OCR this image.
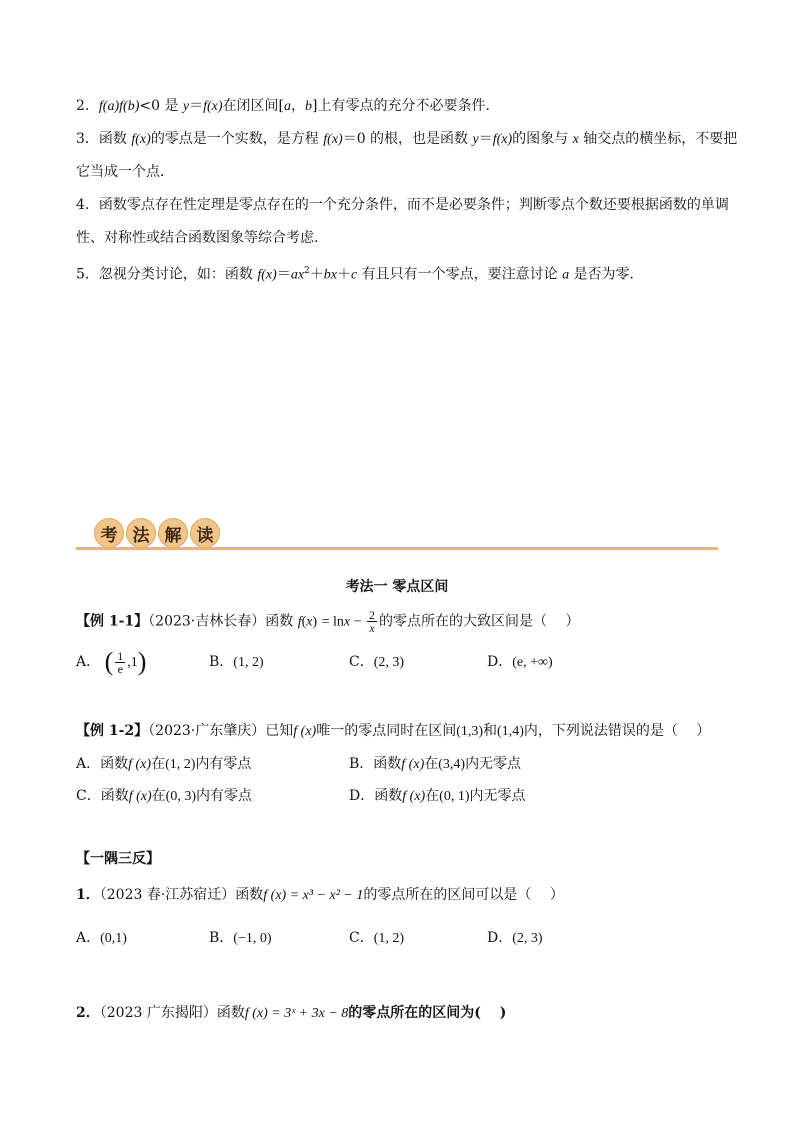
2．f(a)f(b)<0 是 y＝f(x)在闭区间[a，b]上有零点的充分不必要条件．
3．函数 f(x)的零点是一个实数，是方程 f(x)＝0 的根，也是函数 y＝f(x)的图象与 x 轴交点的横坐标，不要把
它当成一个点．
4．函数零点存在性定理是零点存在的一个充分条件，而不是必要条件；判断零点个数还要根据函数的单调
性、对称性或结合函数图象等综合考虑．
5．忽视分类讨论，如：函数 $f(x)=ax^2+bx+c$ 有且只有一个零点，要注意讨论 a 是否为零．
考 法 解 读
考法一 零点区间
【例 1-1】（2023·吉林长春）函数 $f(x) = \ln x - \frac{2}{x}$ 的零点所在的大致区间是（　 ）
A． ( $\frac{1}{e} ,1$)	B．(1, 2)	C．(2, 3)	D．(e, +∞)
【例 1-2】（2023·广东肇庆）已知f (x)唯一的零点同时在区间(1,3)和(1,4)内，下列说法错误的是（　 ）
A．函数f (x)在(1, 2)内有零点	B．函数f (x)在(3,4)内无零点
C．函数f (x)在(0, 3)内有零点	D．函数f (x)在(0, 1)内无零点
【一隅三反】
1．（2023 春·江苏宿迁）函数f (x) = x³ − x² − 1的零点所在的区间可以是（　 ）
A．(0,1)	B．(−1, 0)	C．(1, 2)	D．(2, 3)
2．（2023 广东揭阳）函数f (x) = 3ˣ + 3x − 8的零点所在的区间为(　 )
